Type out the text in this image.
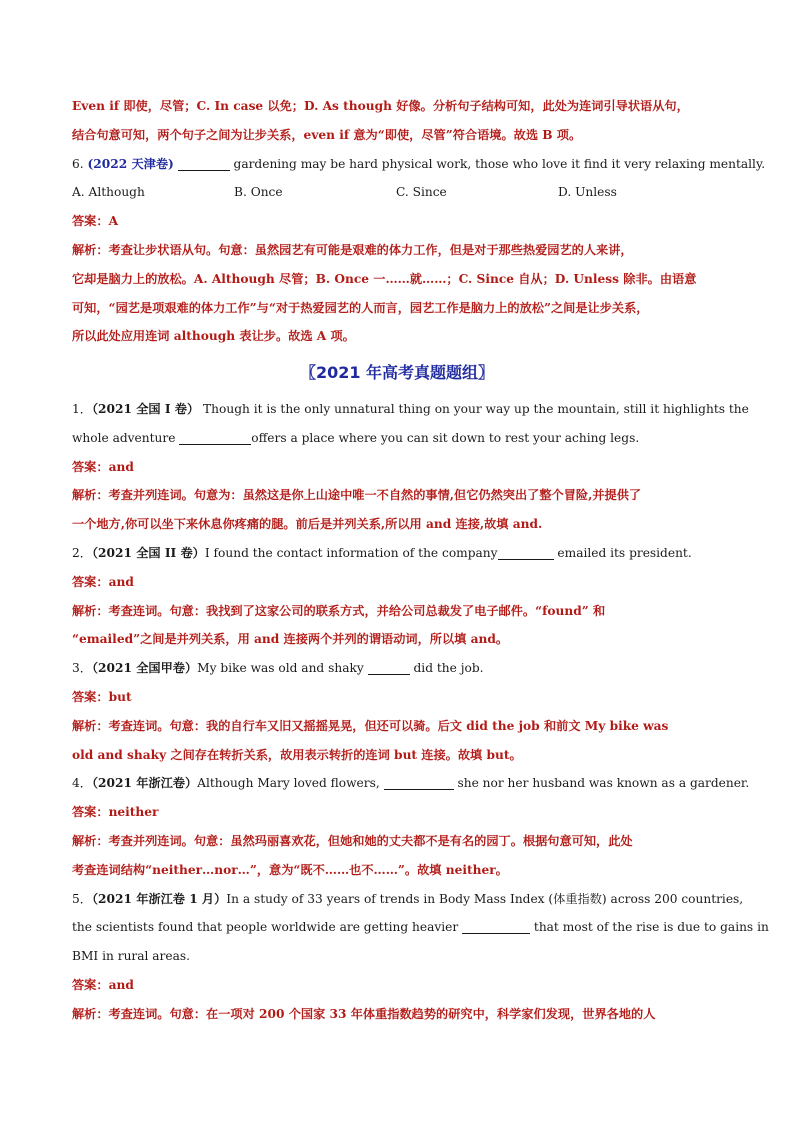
Even if 即使，尽管；C. In case 以免；D. As though 好像。分析句子结构可知，此处为连词引导状语从句，
结合句意可知，两个句子之间为让步关系，even if 意为“即使，尽管”符合语境。故选 B 项。
6. (2022 天津卷)	gardening may be hard physical work, those who love it find it very relaxing mentally.
A. Although	B. Once	C. Since	D. Unless
答案：A
解析：考查让步状语从句。句意：虽然园艺有可能是艰难的体力工作，但是对于那些热爱园艺的人来讲，
它却是脑力上的放松。A. Although 尽管；B. Once 一……就……；C. Since 自从；D. Unless 除非。由语意
可知，“园艺是项艰难的体力工作”与“对于热爱园艺的人而言，园艺工作是脑力上的放松”之间是让步关系，
所以此处应用连词 although 表让步。故选 A 项。
〖2021 年高考真题题组〗
1．（2021 全国 I 卷） Though it is the only unnatural thing on your way up the mountain, still it highlights the
whole adventure	offers a place where you can sit down to rest your aching legs.
答案：and
解析：考查并列连词。句意为：虽然这是你上山途中唯一不自然的事情,但它仍然突出了整个冒险,并提供了
一个地方,你可以坐下来休息你疼痛的腿。前后是并列关系,所以用 and 连接,故填 and.
2．（2021 全国 II 卷）I found the contact information of the company	emailed its president.
答案：and
解析：考查连词。句意：我找到了这家公司的联系方式，并给公司总裁发了电子邮件。“found” 和
“emailed”之间是并列关系，用 and 连接两个并列的谓语动词，所以填 and。
3．（2021 全国甲卷）My bike was old and shaky	did the job.
答案：but
解析：考查连词。句意：我的自行车又旧又摇摇晃晃，但还可以骑。后文 did the job 和前文 My bike was
old and shaky 之间存在转折关系，故用表示转折的连词 but 连接。故填 but。
4．（2021 年浙江卷）Although Mary loved flowers,	she nor her husband was known as a gardener.
答案：neither
解析：考查并列连词。句意：虽然玛丽喜欢花，但她和她的丈夫都不是有名的园丁。根据句意可知，此处
考查连词结构“neither…nor…”，意为“既不……也不……”。故填 neither。
5．（2021 年浙江卷 1 月）In a study of 33 years of trends in Body Mass Index (体重指数) across 200 countries,
the scientists found that people worldwide are getting heavier	that most of the rise is due to gains in
BMI in rural areas.
答案：and
解析：考查连词。句意：在一项对 200 个国家 33 年体重指数趋势的研究中，科学家们发现，世界各地的人
